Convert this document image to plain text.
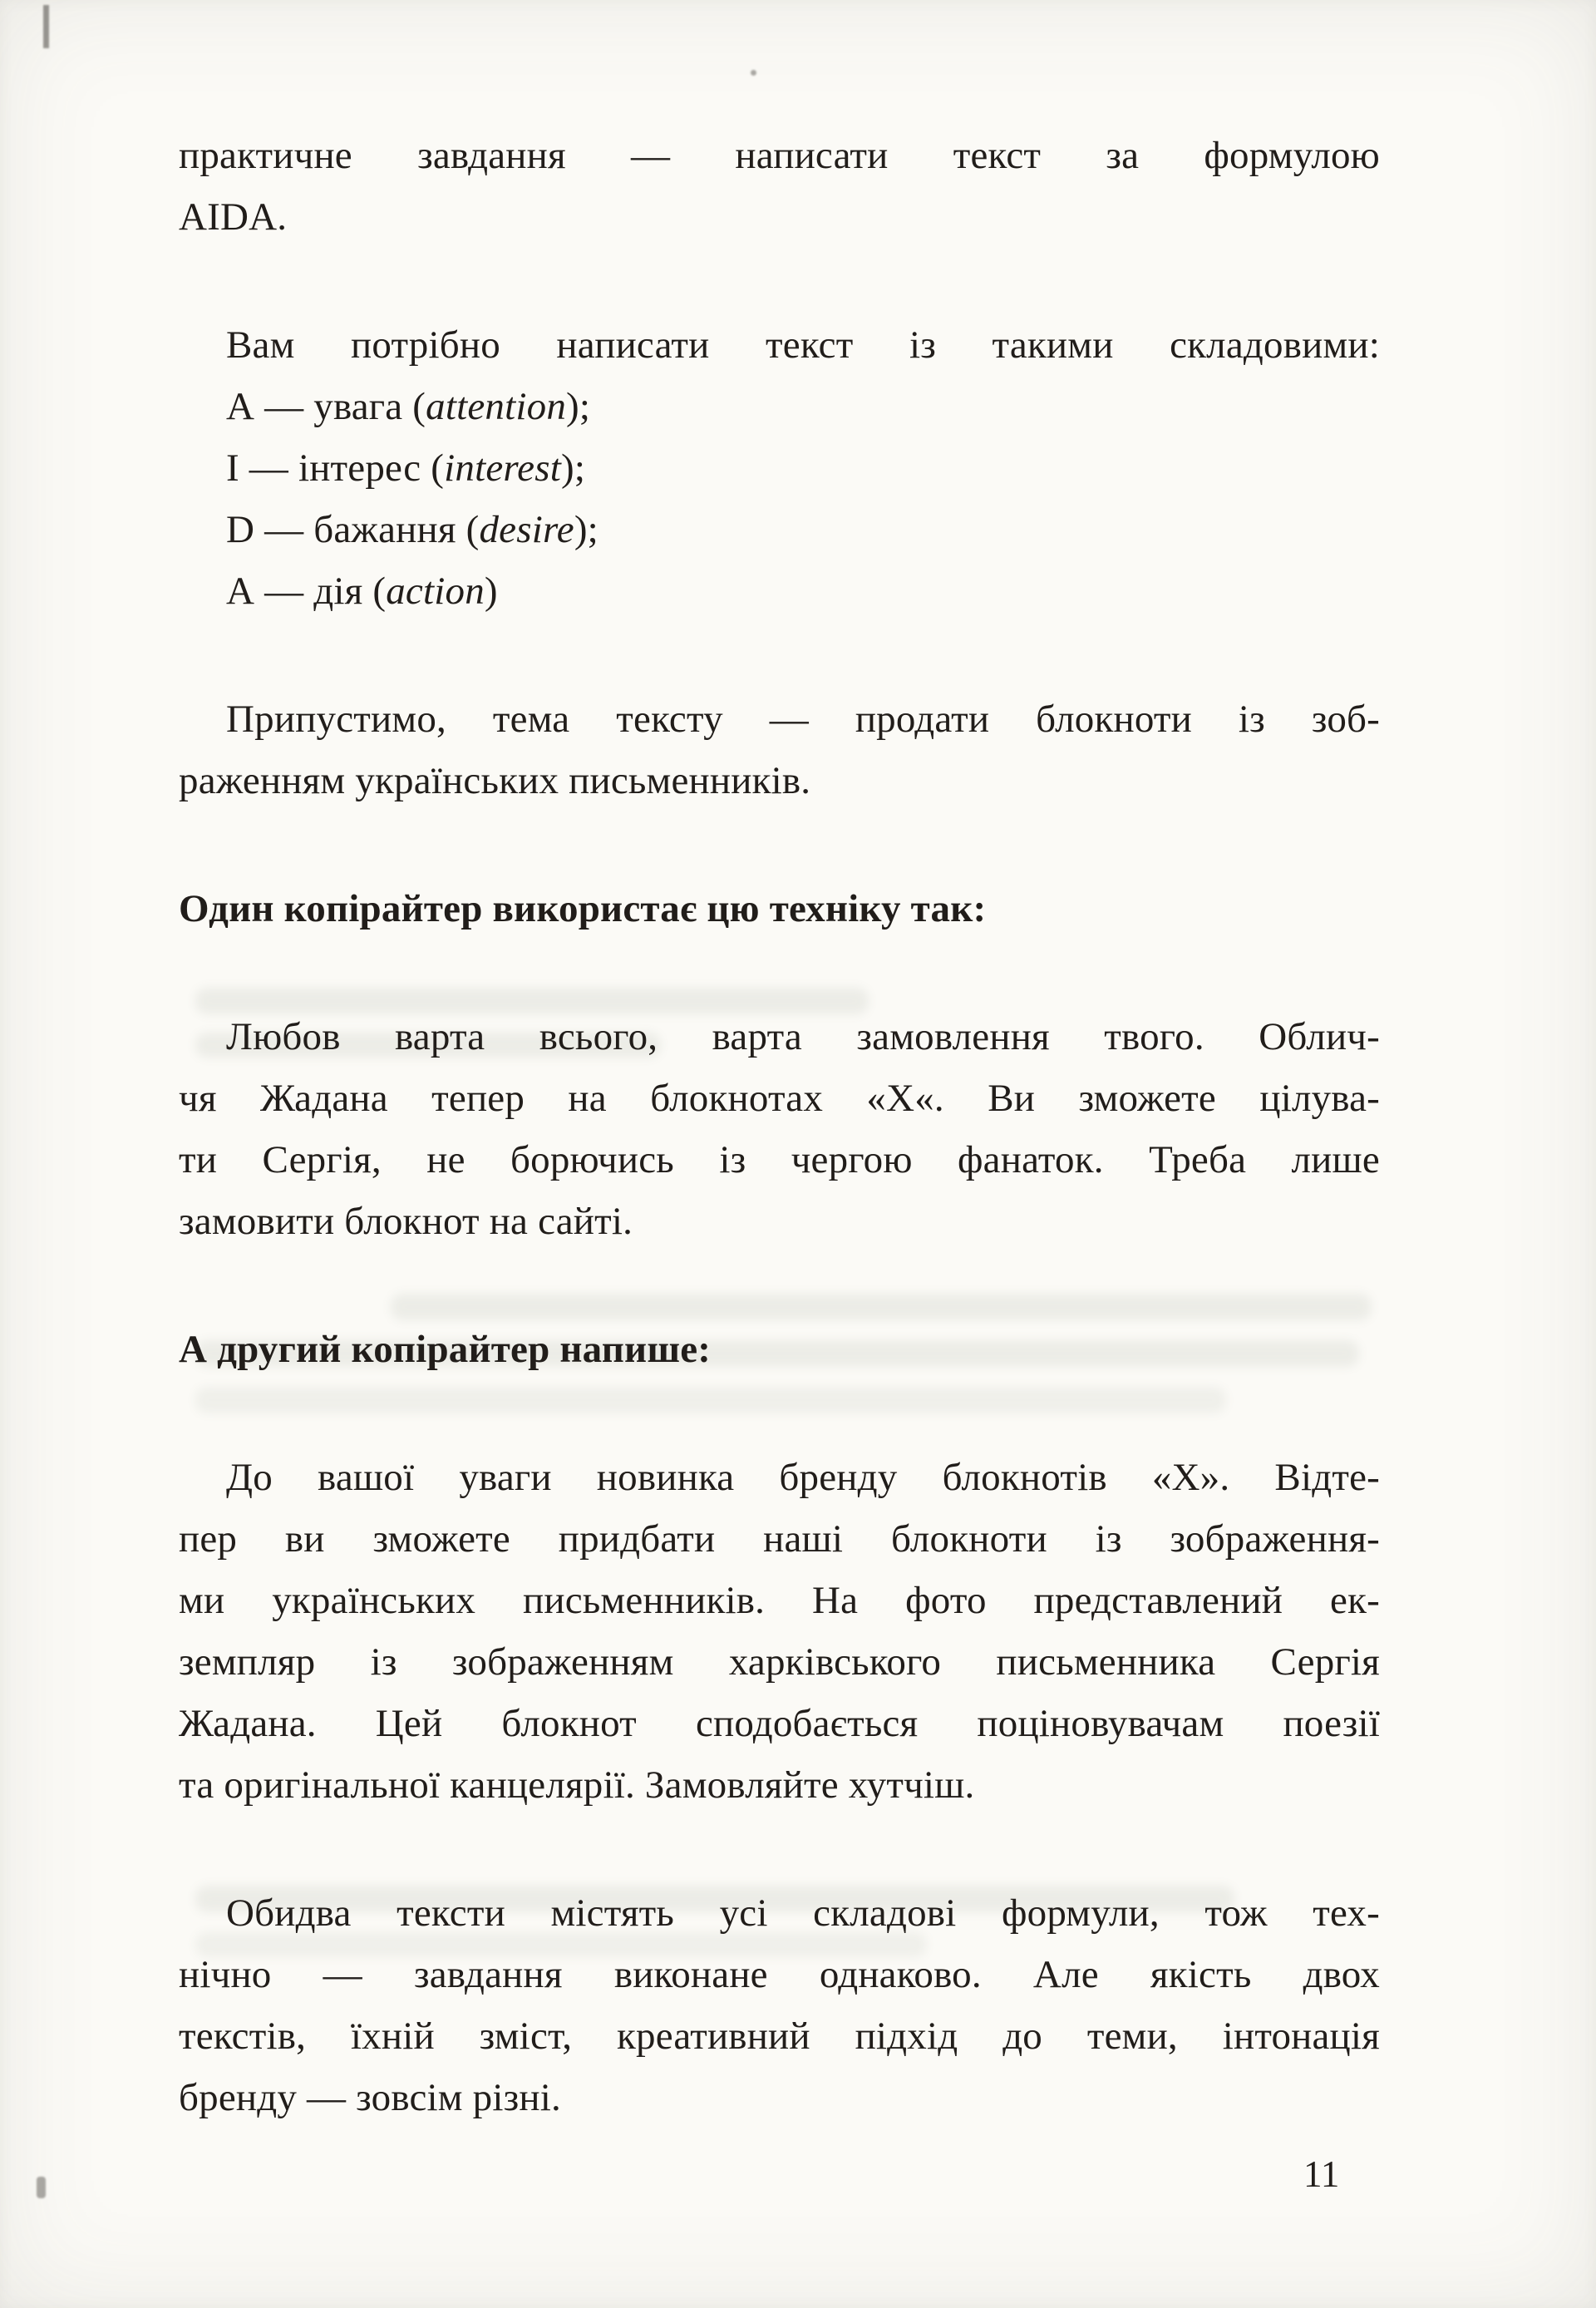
практичне завдання — написати текст за формулою
AIDA.
Вам потрібно написати текст із такими складовими:
А — увага (attention);
І — інтерес (interest);
D — бажання (desire);
А — дія (action)
Припустимо, тема тексту — продати блокноти із зоб-
раженням українських письменників.
Один копірайтер використає цю техніку так:
Любов варта всього, варта замовлення твого. Облич-
чя Жадана тепер на блокнотах «Х«. Ви зможете цілува-
ти Сергія, не борючись із чергою фанаток. Треба лише
замовити блокнот на сайті.
А другий копірайтер напише:
До вашої уваги новинка бренду блокнотів «Х». Відте-
пер ви зможете придбати наші блокноти із зображення-
ми українських письменників. На фото представлений ек-
земпляр із зображенням харківського письменника Сергія
Жадана. Цей блокнот сподобається поціновувачам поезії
та оригінальної канцелярії. Замовляйте хутчіш.
Обидва тексти містять усі складові формули, тож тех-
нічно — завдання виконане однаково. Але якість двох
текстів, їхній зміст, креативний підхід до теми, інтонація
бренду — зовсім різні.
11
